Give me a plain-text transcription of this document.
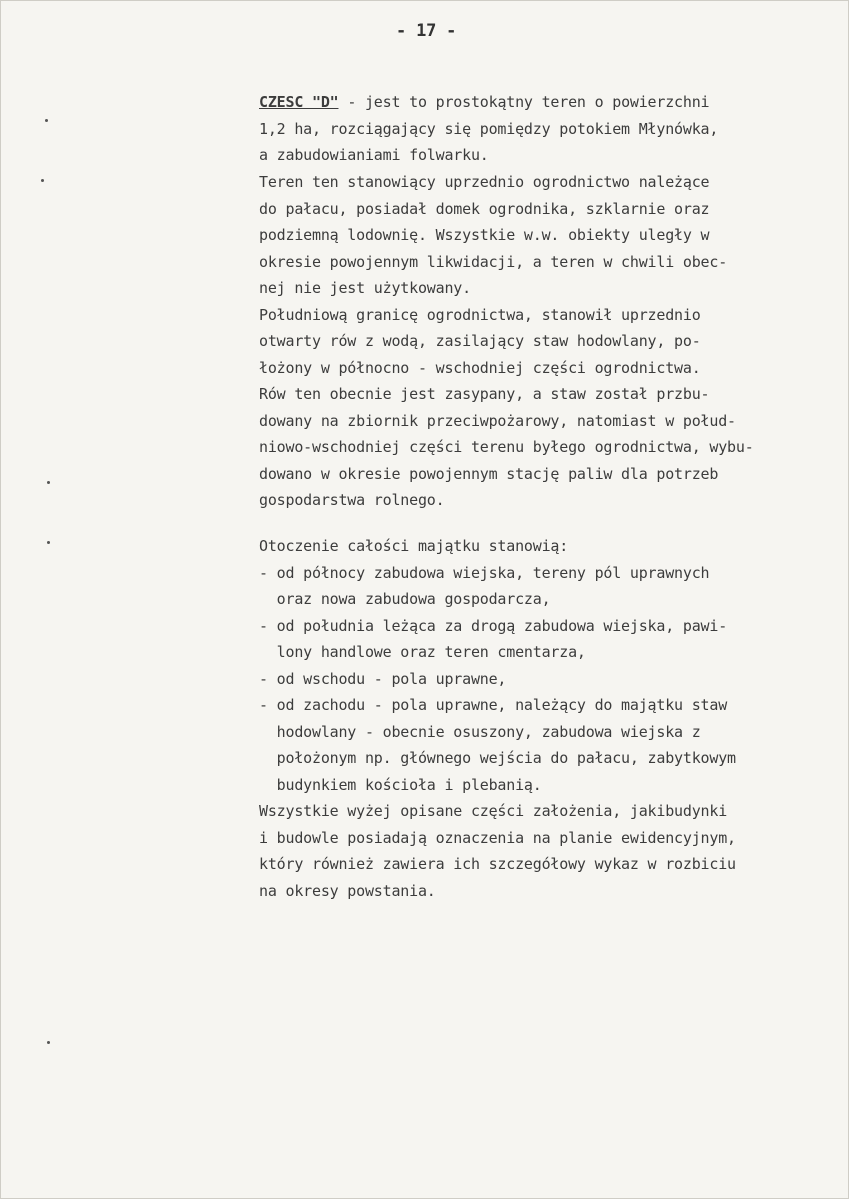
- 17 -
CZESC "D" - jest to prostokątny teren o powierzchni
1,2 ha, rozciągający się pomiędzy potokiem Młynówka,
a zabudowianiami folwarku.
Teren ten stanowiący uprzednio ogrodnictwo należące
do pałacu, posiadał domek ogrodnika, szklarnie oraz
podziemną lodownię. Wszystkie w.w. obiekty uległy w
okresie powojennym likwidacji, a teren w chwili obec-
nej nie jest użytkowany.
Południową granicę ogrodnictwa, stanowił uprzednio
otwarty rów z wodą, zasilający staw hodowlany, po-
łożony w północno - wschodniej części ogrodnictwa.
Rów ten obecnie jest zasypany, a staw został przbu-
dowany na zbiornik przeciwpożarowy, natomiast w połud-
niowo-wschodniej części terenu byłego ogrodnictwa, wybu-
dowano w okresie powojennym stację paliw dla potrzeb
gospodarstwa rolnego.
Otoczenie całości majątku stanowią:
- od północy zabudowa wiejska, tereny pól uprawnych
oraz nowa zabudowa gospodarcza,
- od południa leżąca za drogą zabudowa wiejska, pawi-
lony handlowe oraz teren cmentarza,
- od wschodu - pola uprawne,
- od zachodu - pola uprawne, należący do majątku staw
hodowlany - obecnie osuszony, zabudowa wiejska z
położonym np. głównego wejścia do pałacu, zabytkowym
budynkiem kościoła i plebanią.
Wszystkie wyżej opisane części założenia, jakibudynki
i budowle posiadają oznaczenia na planie ewidencyjnym,
który również zawiera ich szczegółowy wykaz w rozbiciu
na okresy powstania.
